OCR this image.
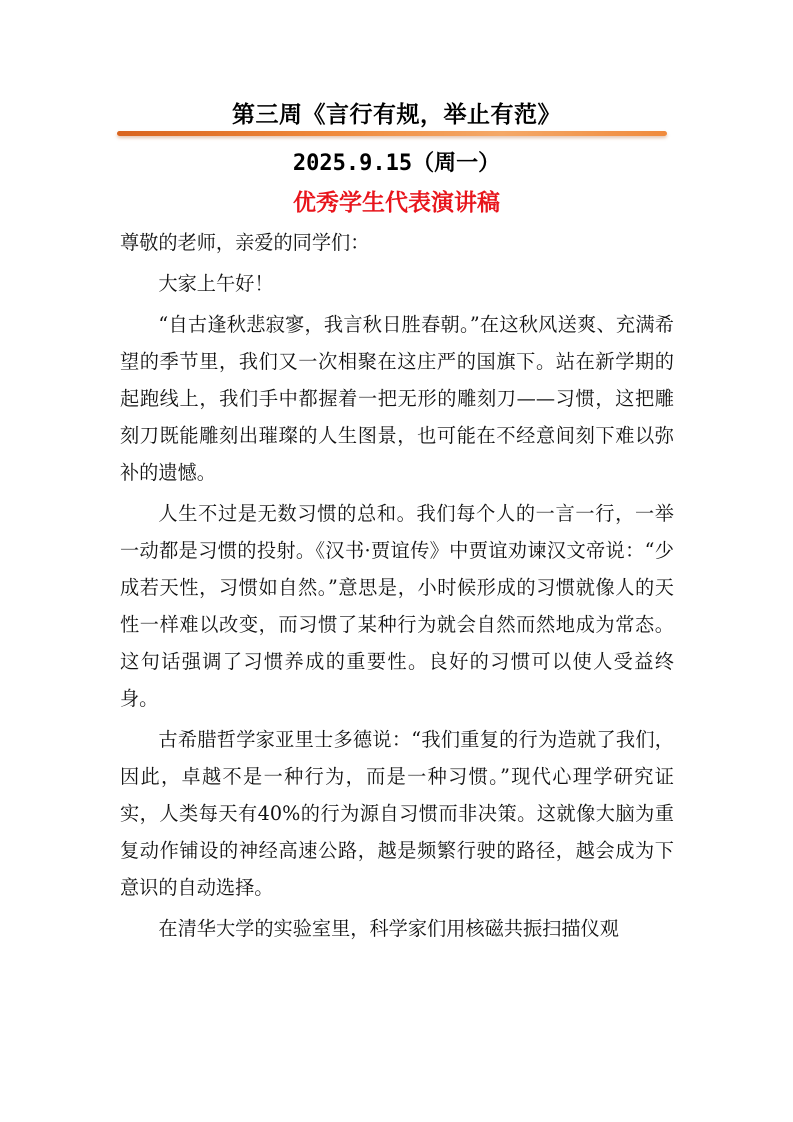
第三周《言行有规，举止有范》
2025.9.15（周一）
优秀学生代表演讲稿

尊敬的老师，亲爱的同学们：

大家上午好！

“自古逢秋悲寂寥，我言秋日胜春朝。”在这秋风送爽、充满希望的季节里，我们又一次相聚在这庄严的国旗下。站在新学期的起跑线上，我们手中都握着一把无形的雕刻刀——习惯，这把雕刻刀既能雕刻出璀璨的人生图景，也可能在不经意间刻下难以弥补的遗憾。

人生不过是无数习惯的总和。我们每个人的一言一行，一举一动都是习惯的投射。《汉书·贾谊传》中贾谊劝谏汉文帝说：“少成若天性，习惯如自然。”意思是，小时候形成的习惯就像人的天性一样难以改变，而习惯了某种行为就会自然而然地成为常态。这句话强调了习惯养成的重要性。良好的习惯可以使人受益终身。

古希腊哲学家亚里士多德说：“我们重复的行为造就了我们，因此，卓越不是一种行为，而是一种习惯。”现代心理学研究证实，人类每天有40%的行为源自习惯而非决策。这就像大脑为重复动作铺设的神经高速公路，越是频繁行驶的路径，越会成为下意识的自动选择。

在清华大学的实验室里，科学家们用核磁共振扫描仪观
